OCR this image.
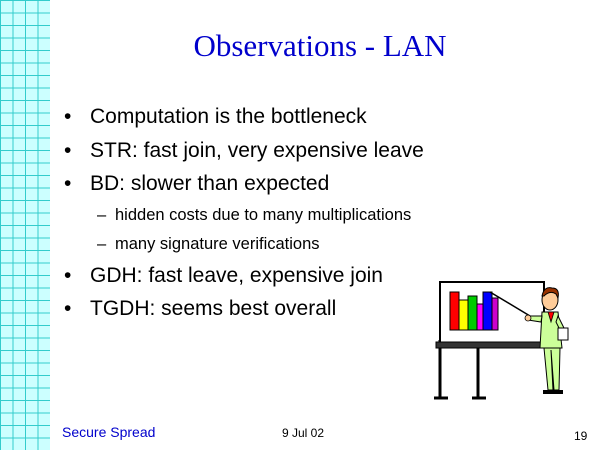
Observations - LAN
• Computation is the bottleneck
• STR: fast join, very expensive leave
• BD: slower than expected
– hidden costs due to many multiplications
– many signature verifications
• GDH: fast leave, expensive join
• TGDH: seems best overall
Secure Spread	9 Jul 02	19
